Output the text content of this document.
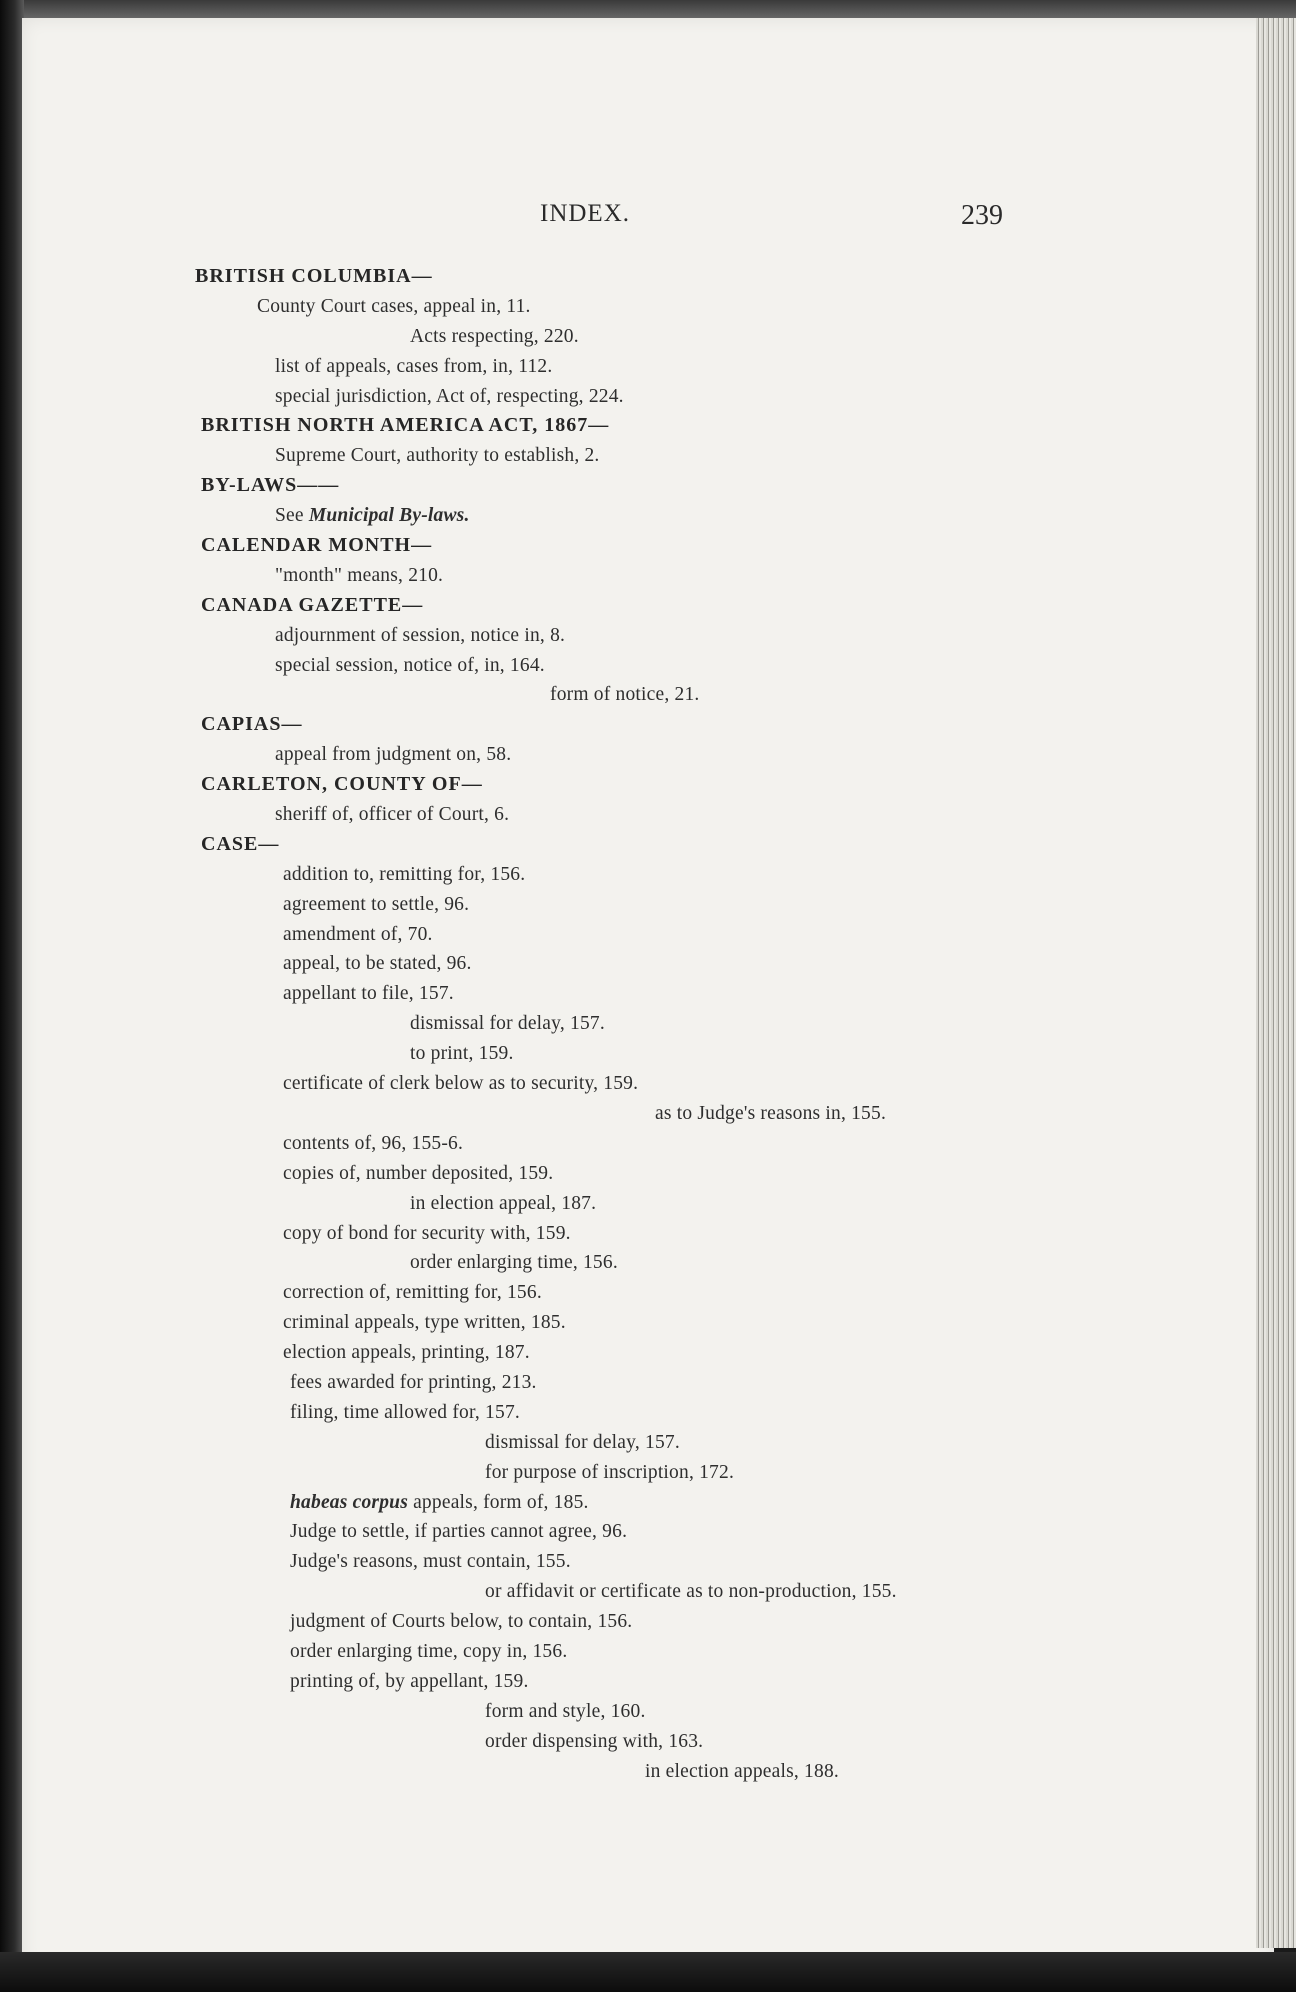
INDEX.	239
BRITISH COLUMBIA—
County Court cases, appeal in, 11.
Acts respecting, 220.
list of appeals, cases from, in, 112.
special jurisdiction, Act of, respecting, 224.
BRITISH NORTH AMERICA ACT, 1867—
Supreme Court, authority to establish, 2.
BY-LAWS——
See Municipal By-laws.
CALENDAR MONTH—
"month" means, 210.
CANADA GAZETTE—
adjournment of session, notice in, 8.
special session, notice of, in, 164.
form of notice, 21.
CAPIAS—
appeal from judgment on, 58.
CARLETON, COUNTY OF—
sheriff of, officer of Court, 6.
CASE—
addition to, remitting for, 156.
agreement to settle, 96.
amendment of, 70.
appeal, to be stated, 96.
appellant to file, 157.
dismissal for delay, 157.
to print, 159.
certificate of clerk below as to security, 159.
as to Judge's reasons in, 155.
contents of, 96, 155-6.
copies of, number deposited, 159.
in election appeal, 187.
copy of bond for security with, 159.
order enlarging time, 156.
correction of, remitting for, 156.
criminal appeals, type written, 185.
election appeals, printing, 187.
fees awarded for printing, 213.
filing, time allowed for, 157.
dismissal for delay, 157.
for purpose of inscription, 172.
habeas corpus appeals, form of, 185.
Judge to settle, if parties cannot agree, 96.
Judge's reasons, must contain, 155.
or affidavit or certificate as to non-production, 155.
judgment of Courts below, to contain, 156.
order enlarging time, copy in, 156.
printing of, by appellant, 159.
form and style, 160.
order dispensing with, 163.
in election appeals, 188.
